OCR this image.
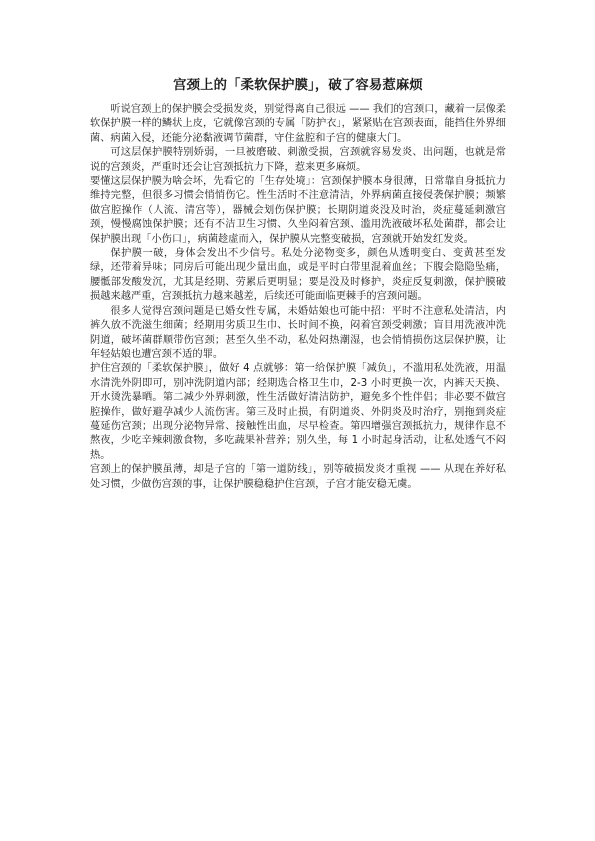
宫颈上的「柔软保护膜」，破了容易惹麻烦

听说宫颈上的保护膜会受损发炎，别觉得离自己很远 —— 我们的宫颈口，藏着一层像柔软保护膜一样的鳞状上皮，它就像宫颈的专属「防护衣」，紧紧贴在宫颈表面，能挡住外界细菌、病菌入侵，还能分泌黏液调节菌群，守住盆腔和子宫的健康大门。

可这层保护膜特别娇弱，一旦被磨破、刺激受损，宫颈就容易发炎、出问题，也就是常说的宫颈炎，严重时还会让宫颈抵抗力下降，惹来更多麻烦。

要懂这层保护膜为啥会坏，先看它的「生存处境」：宫颈保护膜本身很薄，日常靠自身抵抗力维持完整，但很多习惯会悄悄伤它。性生活时不注意清洁，外界病菌直接侵袭保护膜；频繁做宫腔操作（人流、清宫等），器械会划伤保护膜；长期阴道炎没及时治，炎症蔓延刺激宫颈，慢慢腐蚀保护膜；还有不洁卫生习惯、久坐闷着宫颈、滥用洗液破坏私处菌群，都会让保护膜出现「小伤口」，病菌趁虚而入，保护膜从完整变破损，宫颈就开始发红发炎。

保护膜一破，身体会发出不少信号。私处分泌物变多，颜色从透明变白、变黄甚至发绿，还带着异味；同房后可能出现少量出血，或是平时白带里混着血丝；下腹会隐隐坠痛，腰骶部发酸发沉，尤其是经期、劳累后更明显；要是没及时修护，炎症反复刺激，保护膜破损越来越严重，宫颈抵抗力越来越差，后续还可能面临更棘手的宫颈问题。

很多人觉得宫颈问题是已婚女性专属，未婚姑娘也可能中招：平时不注意私处清洁，内裤久放不洗滋生细菌；经期用劣质卫生巾、长时间不换，闷着宫颈受刺激；盲目用洗液冲洗阴道，破坏菌群顺带伤宫颈；甚至久坐不动，私处闷热潮湿，也会悄悄损伤这层保护膜，让年轻姑娘也遭宫颈不适的罪。

护住宫颈的「柔软保护膜」，做好 4 点就够：第一给保护膜「减负」，不滥用私处洗液，用温水清洗外阴即可，别冲洗阴道内部；经期选合格卫生巾，2-3 小时更换一次，内裤天天换、开水烫洗暴晒。第二减少外界刺激，性生活做好清洁防护，避免多个性伴侣；非必要不做宫腔操作，做好避孕减少人流伤害。第三及时止损，有阴道炎、外阴炎及时治疗，别拖到炎症蔓延伤宫颈；出现分泌物异常、接触性出血，尽早检查。第四增强宫颈抵抗力，规律作息不熬夜，少吃辛辣刺激食物，多吃蔬果补营养；别久坐，每 1 小时起身活动，让私处透气不闷热。

宫颈上的保护膜虽薄，却是子宫的「第一道防线」，别等破损发炎才重视 —— 从现在养好私处习惯，少做伤宫颈的事，让保护膜稳稳护住宫颈，子宫才能安稳无虞。
